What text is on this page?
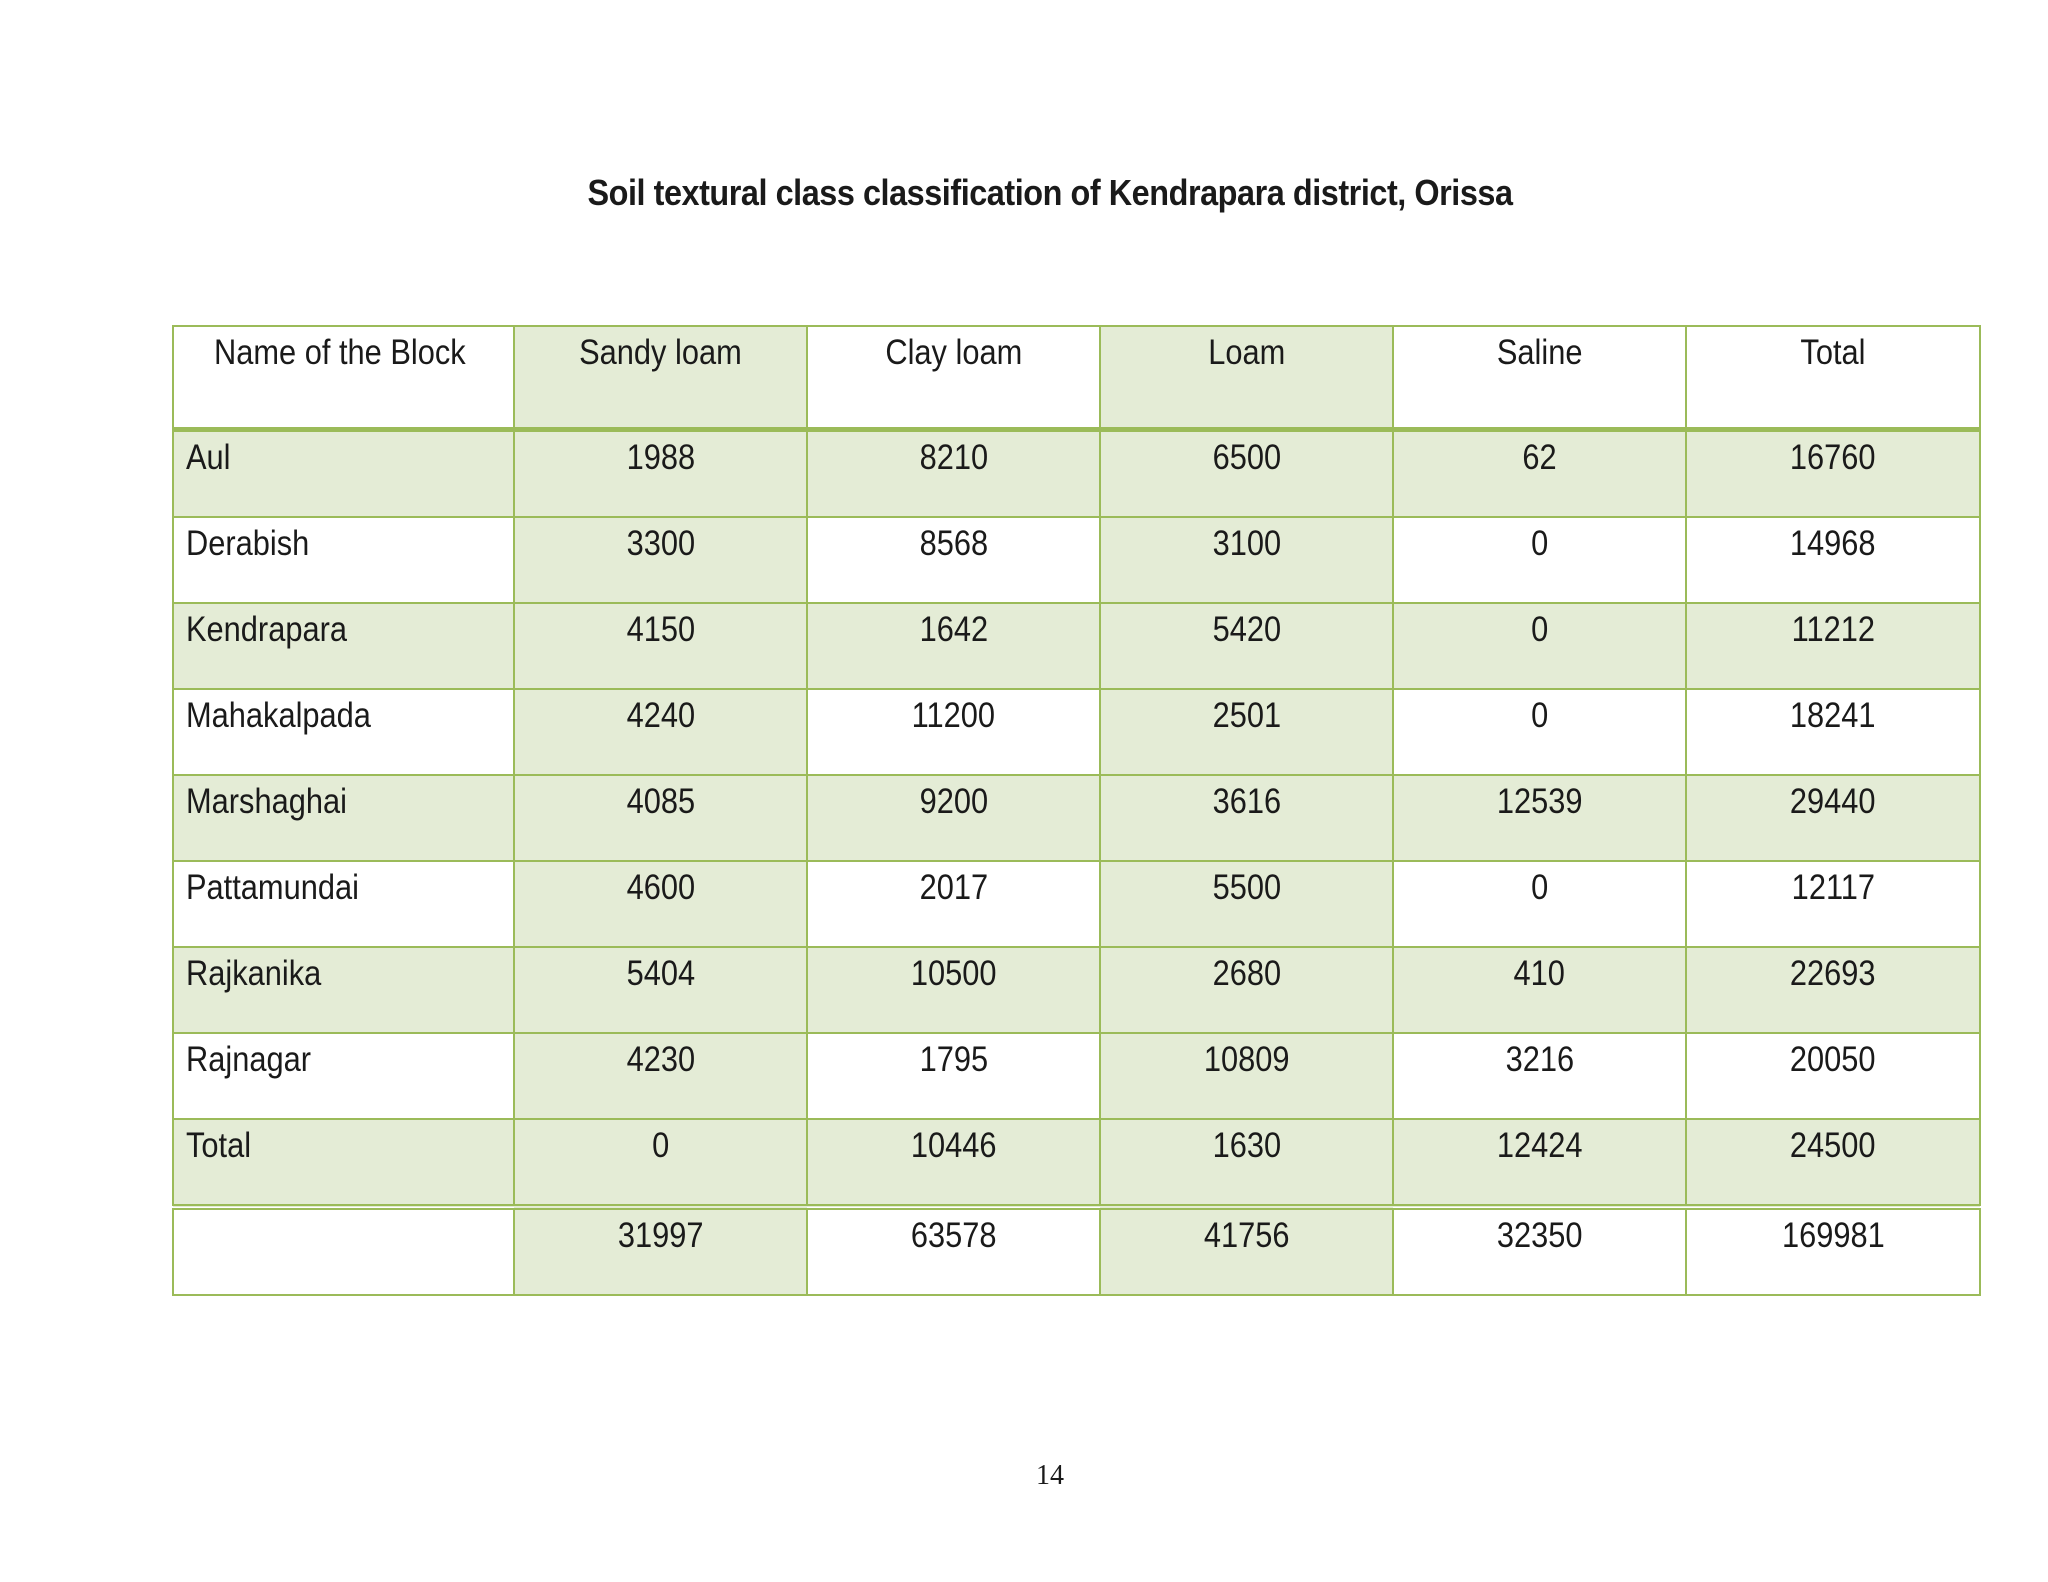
Soil textural class classification of Kendrapara district, Orissa
Name of the Block	Sandy loam	Clay loam	Loam	Saline	Total
Aul	1988	8210	6500	62	16760
Derabish	3300	8568	3100	0	14968
Kendrapara	4150	1642	5420	0	11212
Mahakalpada	4240	11200	2501	0	18241
Marshaghai	4085	9200	3616	12539	29440
Pattamundai	4600	2017	5500	0	12117
Rajkanika	5404	10500	2680	410	22693
Rajnagar	4230	1795	10809	3216	20050
Total	0	10446	1630	12424	24500
	31997	63578	41756	32350	169981
14
